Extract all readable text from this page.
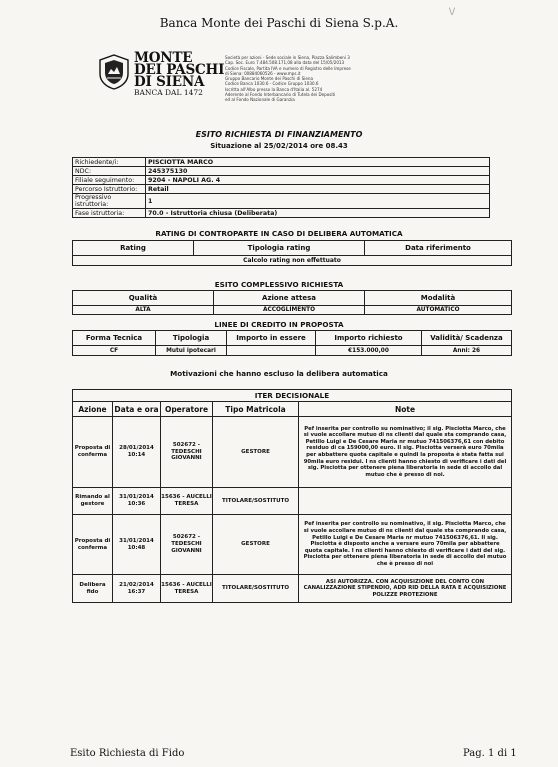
Banca Monte dei Paschi di Siena S.p.A.
\/
MONTE
DEI PASCHI
DI SIENA
BANCA DAL 1472
Società per azioni - Sede sociale in Siena, Piazza Salimbeni 3
Cap. Soc. Euro 7.484.508.171,08 alla data del 15/05/2013
Codice Fiscale, Partita IVA e numero di Registro delle Imprese
di Siena: 00884060526 - www.mps.it
Gruppo Bancario Monte dei Paschi di Siena
Codice Banca 1030.6 - Codice Gruppo 1030.6
Iscritta all'Albo presso la Banca d'Italia al. 5274
Aderente al Fondo Interbancario di Tutela dei Depositi
ed al Fondo Nazionale di Garanzia
ESITO RICHIESTA DI FINANZIAMENTO
Situazione al 25/02/2014 ore 08.43
Richiedente/i:	PISCIOTTA MARCO
NDC:	245375130
Filiale seguimento:	9204 - NAPOLI AG. 4
Percorso Istruttorio:	Retail
Progressivo istruttoria:	1
Fase istruttoria:	70.0 - Istruttoria chiusa (Deliberata)
RATING DI CONTROPARTE IN CASO DI DELIBERA AUTOMATICA
Rating	Tipologia rating	Data riferimento
Calcolo rating non effettuato
ESITO COMPLESSIVO RICHIESTA
Qualità	Azione attesa	Modalità
ALTA	ACCOGLIMENTO	AUTOMATICO
LINEE DI CREDITO IN PROPOSTA
Forma Tecnica	Tipologia	Importo in essere	Importo richiesto	Validità/ Scadenza
CF	Mutui ipotecari		€153.000,00	Anni: 26
Motivazioni che hanno escluso la delibera automatica
ITER DECISIONALE
Azione	Data e ora	Operatore	Tipo Matricola	Note
Proposta di conferma	28/01/2014 10:14	502672 - TEDESCHI GIOVANNI	GESTORE	Pef inserita per controllo su nominativo; il sig. Pisciotta Marco, che si vuole accollare mutuo di ns clienti dal quale sta comprando casa, Petillo Luigi e De Cesare Maria nr mutuo 741506376,61 con debito residuo di ca 159000,00 euro. Il sig. Pisciotta verserà euro 70mila per abbattere quota capitale e quindi la proposta è stata fatta sui 90mila euro residui. I ns clienti hanno chiesto di verificare i dati del sig. Pisciotta per ottenere piena liberatoria in sede di accollo dal mutuo che è presso di noi.
Rimando al gestore	31/01/2014 10:36	15636 - AUCELLI TERESA	TITOLARE/SOSTITUTO	
Proposta di conferma	31/01/2014 10:48	502672 - TEDESCHI GIOVANNI	GESTORE	Pef inserita per controllo su nominativo, il sig. Pisciotta Marco, che si vuole accollare mutuo di ns clienti dal quale sta comprando casa, Petillo Luigi e De Cesare Maria nr mutuo 741506376,61. Il sig. Pisciotta è disposto anche a versare euro 70mila per abbattere quota capitale. I ns clienti hanno chiesto di verificare i dati del sig. Pisciotta per ottenere piena liberatoria in sede di accollo del mutuo che è presso di noi
Delibera fido	21/02/2014 16:37	15636 - AUCELLI TERESA	TITOLARE/SOSTITUTO	ASI AUTORIZZA. CON ACQUISIZIONE DEL CONTO CON CANALIZZAZIONE STIPENDIO, ADD RID DELLA RATA E ACQUISIZIONE POLIZZE PROTEZIONE
Esito Richiesta di Fido	Pag. 1 di 1
